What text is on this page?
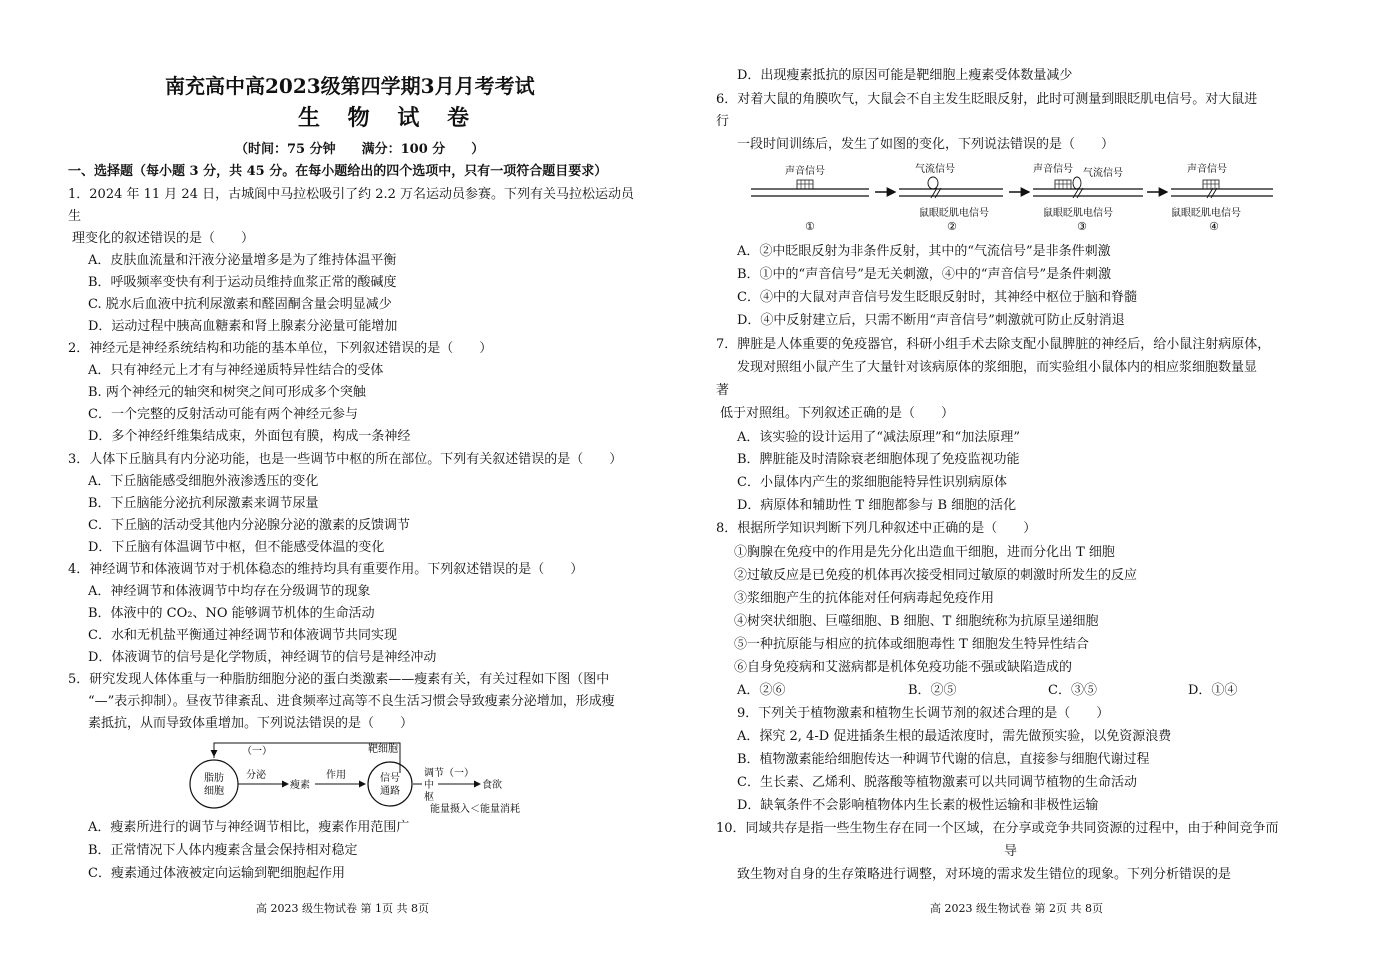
南充高中高2023级第四学期3月月考考试
生 物 试 卷
（时间：75 分钟　　满分：100 分　　）
一、选择题（每小题 3 分，共 45 分。在每小题给出的四个选项中，只有一项符合题目要求）
1．2024 年 11 月 24 日，古城阆中马拉松吸引了约 2.2 万名运动员参赛。下列有关马拉松运动员
生
理变化的叙述错误的是（　　）
A．皮肤血流量和汗液分泌量增多是为了维持体温平衡
B．呼吸频率变快有利于运动员维持血浆正常的酸碱度
C. 脱水后血液中抗利尿激素和醛固酮含量会明显减少
D．运动过程中胰高血糖素和肾上腺素分泌量可能增加
2．神经元是神经系统结构和功能的基本单位，下列叙述错误的是（　　）
A．只有神经元上才有与神经递质特异性结合的受体
B. 两个神经元的轴突和树突之间可形成多个突触
C．一个完整的反射活动可能有两个神经元参与
D．多个神经纤维集结成束，外面包有膜，构成一条神经
3．人体下丘脑具有内分泌功能，也是一些调节中枢的所在部位。下列有关叙述错误的是（　　）
A．下丘脑能感受细胞外液渗透压的变化
B．下丘脑能分泌抗利尿激素来调节尿量
C．下丘脑的活动受其他内分泌腺分泌的激素的反馈调节
D．下丘脑有体温调节中枢，但不能感受体温的变化
4．神经调节和体液调节对于机体稳态的维持均具有重要作用。下列叙述错误的是（　　）
A．神经调节和体液调节中均存在分级调节的现象
B．体液中的 CO₂、NO 能够调节机体的生命活动
C．水和无机盐平衡通过神经调节和体液调节共同实现
D．体液调节的信号是化学物质，神经调节的信号是神经冲动
5．研究发现人体体重与一种脂肪细胞分泌的蛋白类激素——瘦素有关，有关过程如下图（图中
“—”表示抑制）。昼夜节律紊乱、进食频率过高等不良生活习惯会导致瘦素分泌增加，形成瘦
素抵抗，从而导致体重增加。下列说法错误的是（　　）
（一）
脂肪
细胞
分泌
瘦素
作用
靶细胞
信号
通路
中
枢
调节（一）
食欲
能量摄入＜能量消耗
A．瘦素所进行的调节与神经调节相比，瘦素作用范围广
B．正常情况下人体内瘦素含量会保持相对稳定
C．瘦素通过体液被定向运输到靶细胞起作用
高 2023 级生物试卷 第 1页 共 8页
D．出现瘦素抵抗的原因可能是靶细胞上瘦素受体数量减少
6．对着大鼠的角膜吹气，大鼠会不自主发生眨眼反射，此时可测量到眼眨肌电信号。对大鼠进
行
一段时间训练后，发生了如图的变化，下列说法错误的是（　　）
声音信号
①
气流信号
鼠眼眨肌电信号
②
声音信号 气流信号
鼠眼眨肌电信号
③
声音信号
鼠眼眨肌电信号
④
A．②中眨眼反射为非条件反射，其中的“气流信号”是非条件刺激
B．①中的“声音信号”是无关刺激，④中的“声音信号”是条件刺激
C．④中的大鼠对声音信号发生眨眼反射时，其神经中枢位于脑和脊髓
D．④中反射建立后，只需不断用“声音信号”刺激就可防止反射消退
7．脾脏是人体重要的免疫器官，科研小组手术去除支配小鼠脾脏的神经后，给小鼠注射病原体，
发现对照组小鼠产生了大量针对该病原体的浆细胞，而实验组小鼠体内的相应浆细胞数量显
著
低于对照组。下列叙述正确的是（　　）
A．该实验的设计运用了“减法原理”和“加法原理”
B．脾脏能及时清除衰老细胞体现了免疫监视功能
C．小鼠体内产生的浆细胞能特异性识别病原体
D．病原体和辅助性 T 细胞都参与 B 细胞的活化
8．根据所学知识判断下列几种叙述中正确的是（　　）
①胸腺在免疫中的作用是先分化出造血干细胞，进而分化出 T 细胞
②过敏反应是已免疫的机体再次接受相同过敏原的刺激时所发生的反应
③浆细胞产生的抗体能对任何病毒起免疫作用
④树突状细胞、巨噬细胞、B 细胞、T 细胞统称为抗原呈递细胞
⑤一种抗原能与相应的抗体或细胞毒性 T 细胞发生特异性结合
⑥自身免疫病和艾滋病都是机体免疫功能不强或缺陷造成的
A．②⑥	B．②⑤	C．③⑤	D．①④
9．下列关于植物激素和植物生长调节剂的叙述合理的是（　　）
A．探究 2, 4-D 促进插条生根的最适浓度时，需先做预实验，以免资源浪费
B．植物激素能给细胞传达一种调节代谢的信息，直接参与细胞代谢过程
C．生长素、乙烯利、脱落酸等植物激素可以共同调节植物的生命活动
D．缺氧条件不会影响植物体内生长素的极性运输和非极性运输
10．同域共存是指一些生物生存在同一个区域，在分享或竞争共同资源的过程中，由于种间竞争而
导
致生物对自身的生存策略进行调整，对环境的需求发生错位的现象。下列分析错误的是
高 2023 级生物试卷 第 2页 共 8页
